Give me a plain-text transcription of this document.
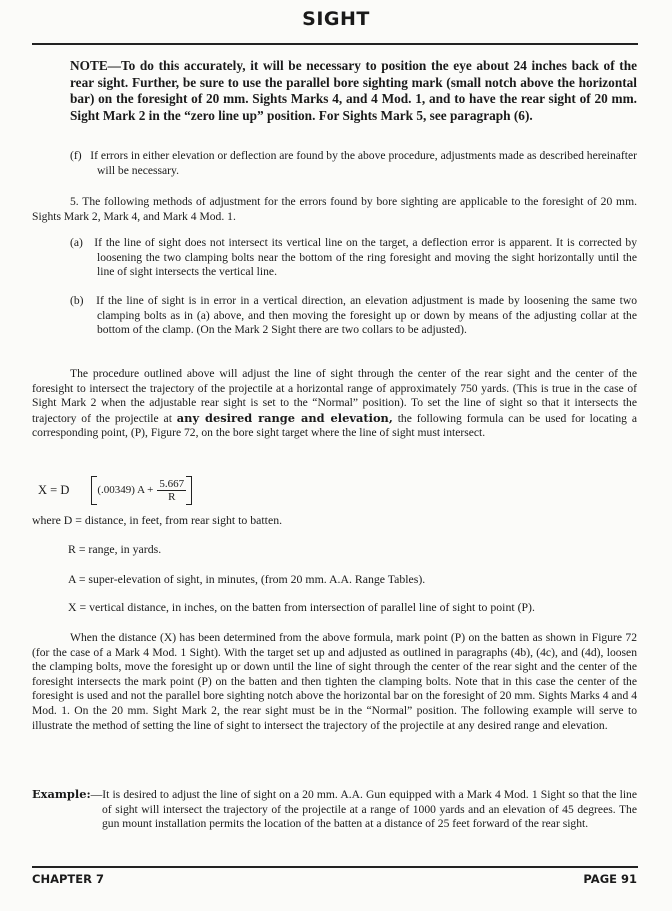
SIGHT
NOTE—To do this accurately, it will be necessary to position the eye about 24 inches back of the rear sight. Further, be sure to use the parallel bore sighting mark (small notch above the horizontal bar) on the foresight of 20 mm. Sights Marks 4, and 4 Mod. 1, and to have the rear sight of 20 mm. Sight Mark 2 in the “zero line up” position. For Sights Mark 5, see paragraph (6).
(f)   If errors in either elevation or deflection are found by the above procedure, adjustments made as described hereinafter will be necessary.
5. The following methods of adjustment for the errors found by bore sighting are applicable to the foresight of 20 mm. Sights Mark 2, Mark 4, and Mark 4 Mod. 1.
(a)   If the line of sight does not intersect its vertical line on the target, a deflection error is apparent. It is corrected by loosening the two clamping bolts near the bottom of the ring foresight and moving the sight horizontally until the line of sight intersects the vertical line.
(b)   If the line of sight is in error in a vertical direction, an elevation adjustment is made by loosening the same two clamping bolts as in (a) above, and then moving the foresight up or down by means of the adjusting collar at the bottom of the clamp. (On the Mark 2 Sight there are two collars to be adjusted).
The procedure outlined above will adjust the line of sight through the center of the rear sight and the center of the foresight to intersect the trajectory of the projectile at a horizontal range of approximately 750 yards. (This is true in the case of Sight Mark 2 when the adjustable rear sight is set to the “Normal” position). To set the line of sight so that it intersects the trajectory of the projectile at any desired range and elevation, the following formula can be used for locating a corresponding point, (P), Figure 72, on the bore sight target where the line of sight must intersect.
X = D	(.00349) $A + \frac{5.667}{R}$
where D = distance, in feet, from rear sight to batten.
R = range, in yards.
A = super-elevation of sight, in minutes, (from 20 mm. A.A. Range Tables).
X = vertical distance, in inches, on the batten from intersection of parallel line of sight to point (P).
When the distance (X) has been determined from the above formula, mark point (P) on the batten as shown in Figure 72 (for the case of a Mark 4 Mod. 1 Sight). With the target set up and adjusted as outlined in paragraphs (4b), (4c), and (4d), loosen the clamping bolts, move the foresight up or down until the line of sight through the center of the rear sight and the center of the foresight intersects the mark point (P) on the batten and then tighten the clamping bolts. Note that in this case the center of the foresight is used and not the parallel bore sighting notch above the horizontal bar on the foresight of 20 mm. Sights Marks 4 and 4 Mod. 1. On the 20 mm. Sight Mark 2, the rear sight must be in the “Normal” position. The following example will serve to illustrate the method of setting the line of sight to intersect the trajectory of the projectile at any desired range and elevation.
Example:—It is desired to adjust the line of sight on a 20 mm. A.A. Gun equipped with a Mark 4 Mod. 1 Sight so that the line of sight will intersect the trajectory of the projectile at a range of 1000 yards and an elevation of 45 degrees. The gun mount installation permits the location of the batten at a distance of 25 feet forward of the rear sight.
CHAPTER 7	PAGE 91
